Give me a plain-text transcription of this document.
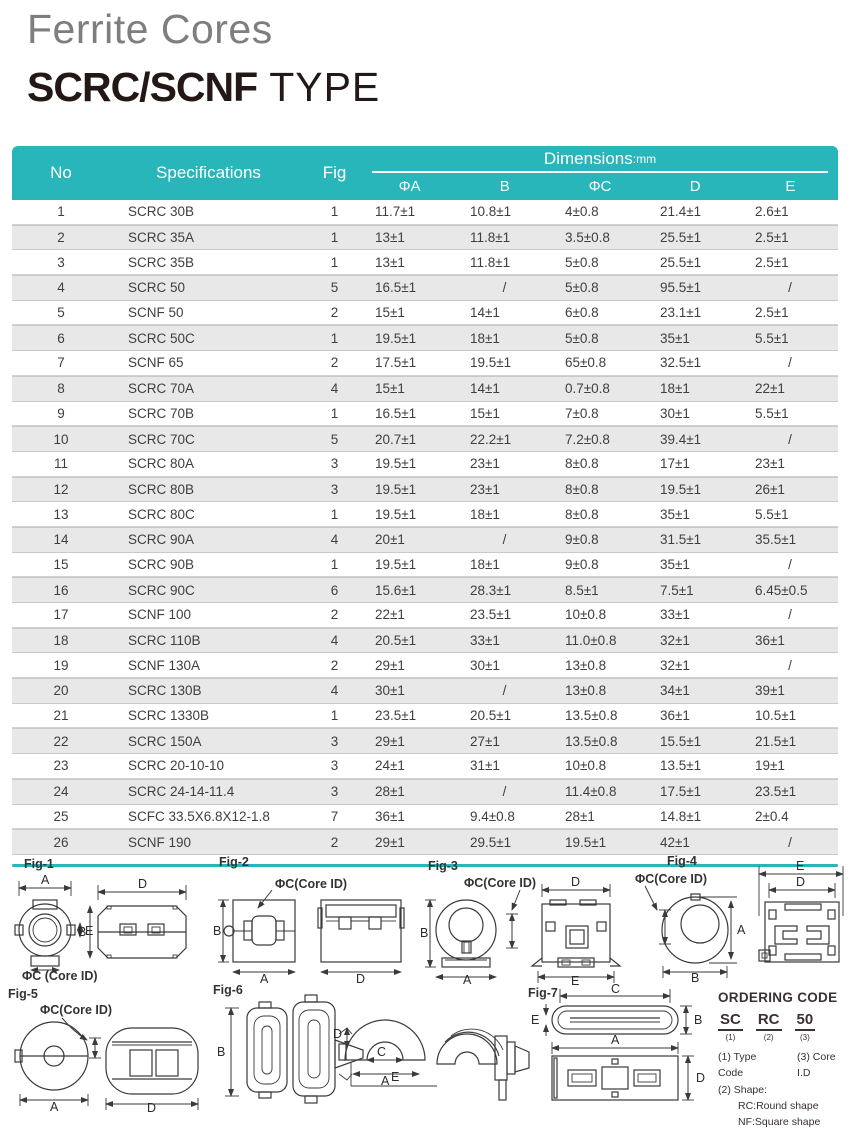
Ferrite Cores
SCRC/SCNF TYPE
No	Specifications	Fig
Dimensions :mm
ΦA	B	ΦC	D	E
1	SCRC 30B	1	11.7±1	10.8±1	4±0.8	21.4±1	2.6±1
2	SCRC 35A	1	13±1	11.8±1	3.5±0.8	25.5±1	2.5±1
3	SCRC 35B	1	13±1	11.8±1	5±0.8	25.5±1	2.5±1
4	SCRC 50	5	16.5±1	/	5±0.8	95.5±1	/
5	SCNF 50	2	15±1	14±1	6±0.8	23.1±1	2.5±1
6	SCRC 50C	1	19.5±1	18±1	5±0.8	35±1	5.5±1
7	SCNF 65	2	17.5±1	19.5±1	65±0.8	32.5±1	/
8	SCRC 70A	4	15±1	14±1	0.7±0.8	18±1	22±1
9	SCRC 70B	1	16.5±1	15±1	7±0.8	30±1	5.5±1
10	SCRC 70C	5	20.7±1	22.2±1	7.2±0.8	39.4±1	/
11	SCRC 80A	3	19.5±1	23±1	8±0.8	17±1	23±1
12	SCRC 80B	3	19.5±1	23±1	8±0.8	19.5±1	26±1
13	SCRC 80C	1	19.5±1	18±1	8±0.8	35±1	5.5±1
14	SCRC 90A	4	20±1	/	9±0.8	31.5±1	35.5±1
15	SCRC 90B	1	19.5±1	18±1	9±0.8	35±1	/
16	SCRC 90C	6	15.6±1	28.3±1	8.5±1	7.5±1	6.45±0.5
17	SCNF 100	2	22±1	23.5±1	10±0.8	33±1	/
18	SCRC 110B	4	20.5±1	33±1	11.0±0.8	32±1	36±1
19	SCNF 130A	2	29±1	30±1	13±0.8	32±1	/
20	SCRC 130B	4	30±1	/	13±0.8	34±1	39±1
21	SCRC 1330B	1	23.5±1	20.5±1	13.5±0.8	36±1	10.5±1
22	SCRC 150A	3	29±1	27±1	13.5±0.8	15.5±1	21.5±1
23	SCRC 20-10-10	3	24±1	31±1	10±0.8	13.5±1	19±1
24	SCRC 24-14-11.4	3	28±1	/	11.4±0.8	17.5±1	23.5±1
25	SCFC 33.5X6.8X12-1.8	7	36±1	9.4±0.8	28±1	14.8±1	2±0.4
26	SCNF 190	2	29±1	29.5±1	19.5±1	42±1	/
Fig-1
A
E
ΦC (Core ID)
D
B
Fig-2
ΦC(Core ID)
B
A	D
Fig-3
ΦC(Core ID)
B
A
D
E
Fig-4
ΦC(Core ID)
A
B
E
D
Fig-5
ΦC(Core ID)
A	D
Fig-6
B
E
D
C
A
Fig-7	C
E	B
A
D
ORDERING CODE
SC
(1)
RC
(2)
50
(3)
(1) Type Code
(3) Core I.D
(2) Shape:
RC:Round shape
NF:Square shape
